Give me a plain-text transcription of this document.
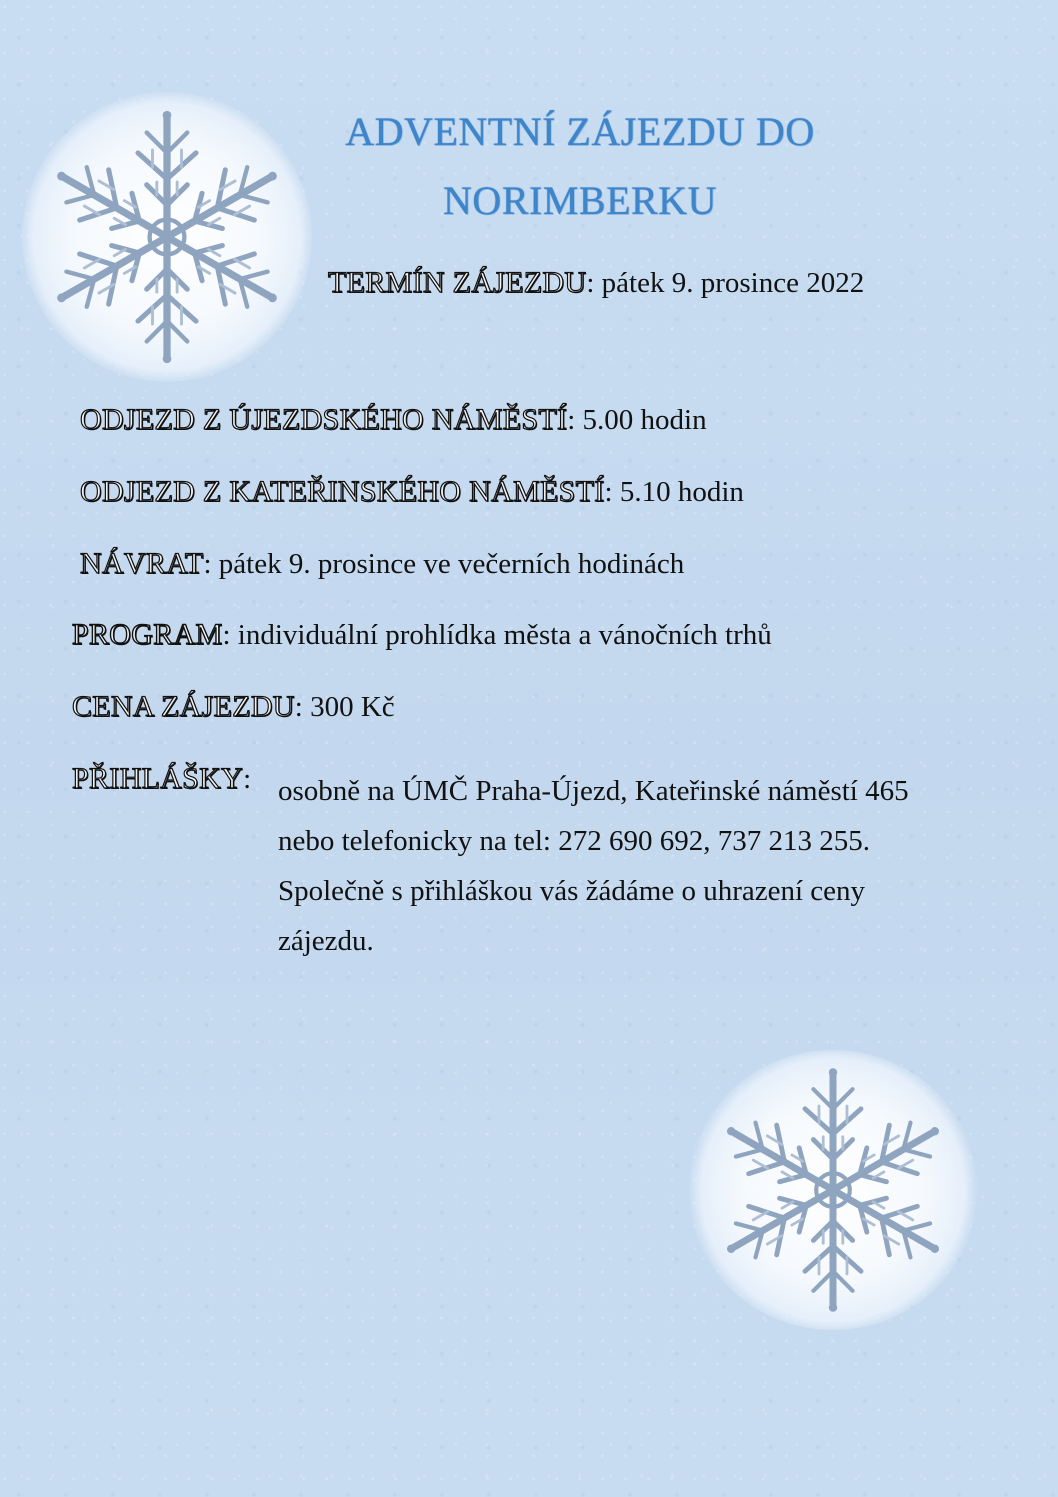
ADVENTNÍ ZÁJEZDU DO
NORIMBERKU
TERMÍN ZÁJEZDU: pátek 9. prosince 2022
ODJEZD Z ÚJEZDSKÉHO NÁMĚSTÍ: 5.00 hodin
ODJEZD Z KATEŘINSKÉHO NÁMĚSTÍ: 5.10 hodin
NÁVRAT: pátek 9. prosince ve večerních hodinách
PROGRAM: individuální prohlídka města a vánočních trhů
CENA ZÁJEZDU: 300 Kč
PŘIHLÁŠKY: osobně na ÚMČ Praha-Újezd, Kateřinské náměstí 465
nebo telefonicky na tel: 272 690 692, 737 213 255.
Společně s přihláškou vás žádáme o uhrazení ceny
zájezdu.
